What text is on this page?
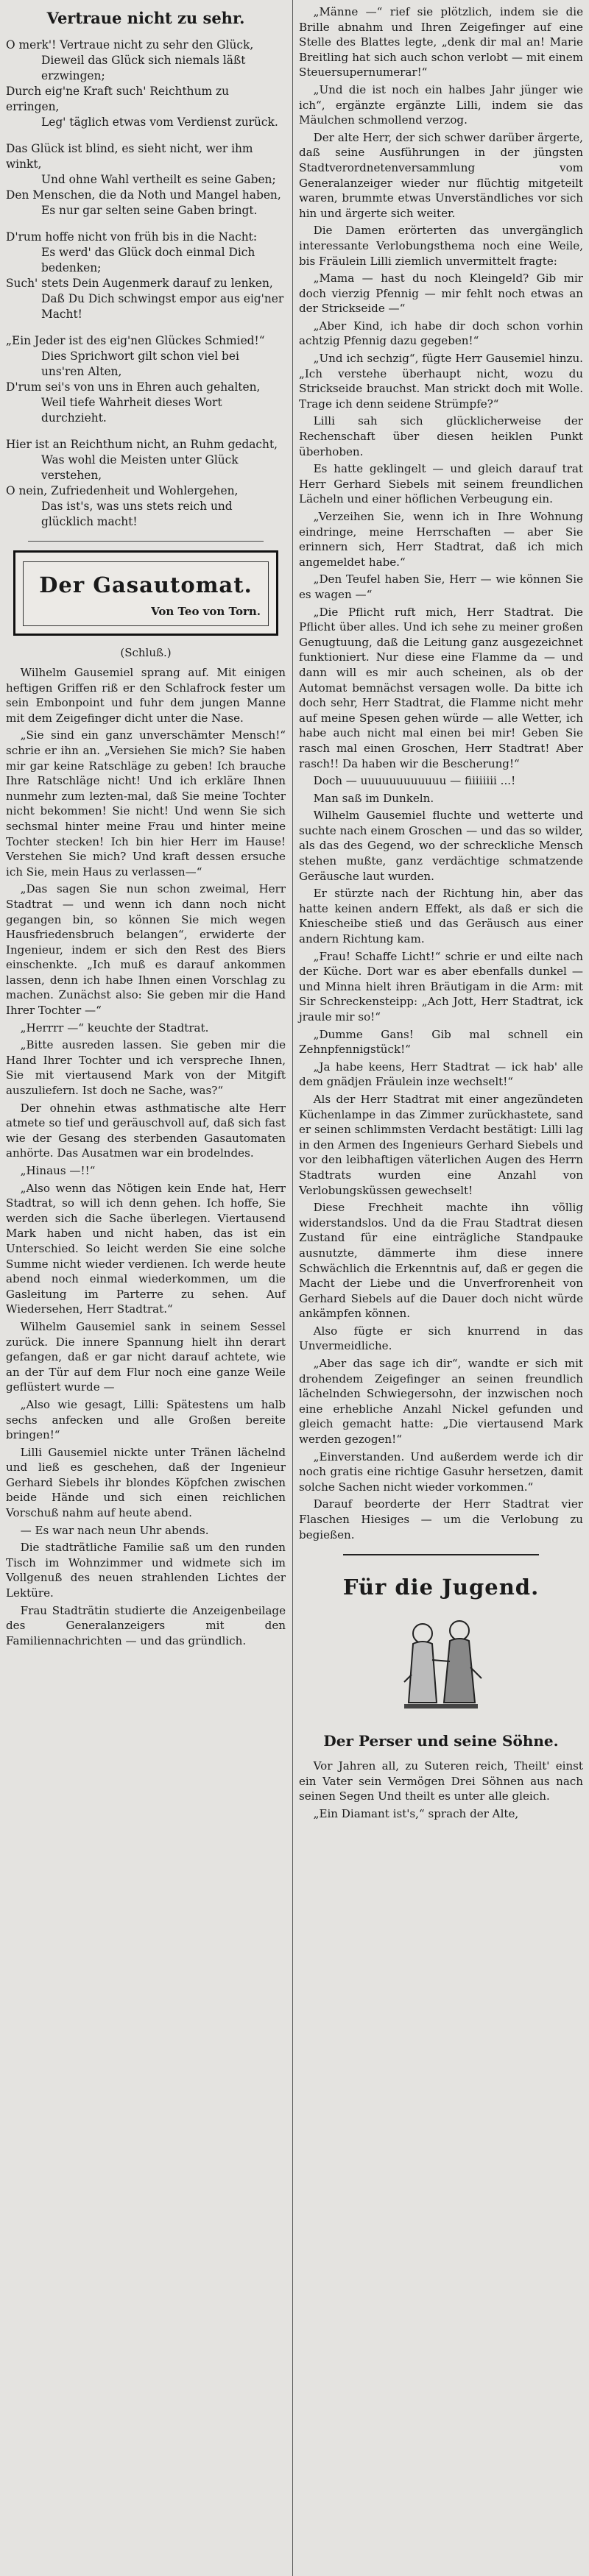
Vertraue nicht zu sehr.
O merk'! Vertraue nicht zu sehr den Glück,
Dieweil das Glück sich niemals läßt erzwingen;
Durch eig'ne Kraft such' Reichthum zu erringen,
Leg' täglich etwas vom Verdienst zurück.
Das Glück ist blind, es sieht nicht, wer ihm winkt,
Und ohne Wahl vertheilt es seine Gaben;
Den Menschen, die da Noth und Mangel haben,
Es nur gar selten seine Gaben bringt.
D'rum hoffe nicht von früh bis in die Nacht:
Es werd' das Glück doch einmal Dich bedenken;
Such' stets Dein Augenmerk darauf zu lenken,
Daß Du Dich schwingst empor aus eig'ner Macht!
„Ein Jeder ist des eig'nen Glückes Schmied!“
Dies Sprichwort gilt schon viel bei uns'ren Alten,
D'rum sei's von uns in Ehren auch gehalten,
Weil tiefe Wahrheit dieses Wort durchzieht.
Hier ist an Reichthum nicht, an Ruhm gedacht,
Was wohl die Meisten unter Glück verstehen,
O nein, Zufriedenheit und Wohlergehen,
Das ist's, was uns stets reich und glücklich macht!
Der Gasautomat.
Von Teo von Torn.
(Schluß.)

Wilhelm Gausemiel sprang auf. Mit einigen heftigen Griffen riß er den Schlafrock fester um sein Embonpoint und fuhr dem jungen Manne mit dem Zeigefinger dicht unter die Nase.

„Sie sind ein ganz unverschämter Mensch!“ schrie er ihn an. „Versiehen Sie mich? Sie haben mir gar keine Ratschläge zu geben! Ich brauche Ihre Ratschläge nicht! Und ich erkläre Ihnen nunmehr zum lezten-mal, daß Sie meine Tochter nicht bekommen! Sie nicht! Und wenn Sie sich sechsmal hinter meine Frau und hinter meine Tochter stecken! Ich bin hier Herr im Hause! Verstehen Sie mich? Und kraft dessen ersuche ich Sie, mein Haus zu verlassen—“

„Das sagen Sie nun schon zweimal, Herr Stadtrat — und wenn ich dann noch nicht gegangen bin, so können Sie mich wegen Hausfriedensbruch belangen“, erwiderte der Ingenieur, indem er sich den Rest des Biers einschenkte. „Ich muß es darauf ankommen lassen, denn ich habe Ihnen einen Vorschlag zu machen. Zunächst also: Sie geben mir die Hand Ihrer Tochter —“

„Herrrr —“ keuchte der Stadtrat.

„Bitte ausreden lassen. Sie geben mir die Hand Ihrer Tochter und ich verspreche Ihnen, Sie mit viertausend Mark von der Mitgift auszuliefern. Ist doch ne Sache, was?“

Der ohnehin etwas asthmatische alte Herr atmete so tief und geräuschvoll auf, daß sich fast wie der Gesang des sterbenden Gasautomaten anhörte. Das Ausatmen war ein brodelndes.

„Hinaus —!!“

„Also wenn das Nötigen kein Ende hat, Herr Stadtrat, so will ich denn gehen. Ich hoffe, Sie werden sich die Sache überlegen. Viertausend Mark haben und nicht haben, das ist ein Unterschied. So leicht werden Sie eine solche Summe nicht wieder verdienen. Ich werde heute abend noch einmal wiederkommen, um die Gasleitung im Parterre zu sehen. Auf Wiedersehen, Herr Stadtrat.“

Wilhelm Gausemiel sank in seinem Sessel zurück. Die innere Spannung hielt ihn derart gefangen, daß er gar nicht darauf achtete, wie an der Tür auf dem Flur noch eine ganze Weile geflüstert wurde —

„Also wie gesagt, Lilli: Spätestens um halb sechs anfecken und alle Großen bereite bringen!“

Lilli Gausemiel nickte unter Tränen lächelnd und ließ es geschehen, daß der Ingenieur Gerhard Siebels ihr blondes Köpfchen zwischen beide Hände und sich einen reichlichen Vorschuß nahm auf heute abend.

— Es war nach neun Uhr abends.

Die stadträtliche Familie saß um den runden Tisch im Wohnzimmer und widmete sich im Vollgenuß des neuen strahlenden Lichtes der Lektüre.

Frau Stadträtin studierte die Anzeigenbeilage des Generalanzeigers mit den Familiennachrichten — und das gründlich.

„Männe —“ rief sie plötzlich, indem sie die Brille abnahm und Ihren Zeigefinger auf eine Stelle des Blattes legte, „denk dir mal an! Marie Breitling hat sich auch schon verlobt — mit einem Steuersupernumerar!“

„Und die ist noch ein halbes Jahr jünger wie ich“, ergänzte ergänzte Lilli, indem sie das Mäulchen schmollend verzog.

Der alte Herr, der sich schwer darüber ärgerte, daß seine Ausführungen in der jüngsten Stadtverordnetenversammlung vom Generalanzeiger wieder nur flüchtig mitgeteilt waren, brummte etwas Unverständliches vor sich hin und ärgerte sich weiter.

Die Damen erörterten das unvergänglich interessante Verlobungsthema noch eine Weile, bis Fräulein Lilli ziemlich unvermittelt fragte:

„Mama — hast du noch Kleingeld? Gib mir doch vierzig Pfennig — mir fehlt noch etwas an der Strickseide —“

„Aber Kind, ich habe dir doch schon vorhin achtzig Pfennig dazu gegeben!“

„Und ich sechzig“, fügte Herr Gausemiel hinzu. „Ich verstehe überhaupt nicht, wozu du Strickseide brauchst. Man strickt doch mit Wolle. Trage ich denn seidene Strümpfe?“

Lilli sah sich glücklicherweise der Rechenschaft über diesen heiklen Punkt überhoben.

Es hatte geklingelt — und gleich darauf trat Herr Gerhard Siebels mit seinem freundlichen Lächeln und einer höflichen Verbeugung ein.

„Verzeihen Sie, wenn ich in Ihre Wohnung eindringe, meine Herrschaften — aber Sie erinnern sich, Herr Stadtrat, daß ich mich angemeldet habe.“

„Den Teufel haben Sie, Herr — wie können Sie es wagen —“

„Die Pflicht ruft mich, Herr Stadtrat. Die Pflicht über alles. Und ich sehe zu meiner großen Genugtuung, daß die Leitung ganz ausgezeichnet funktioniert. Nur diese eine Flamme da — und dann will es mir auch scheinen, als ob der Automat bemnächst versagen wolle. Da bitte ich doch sehr, Herr Stadtrat, die Flamme nicht mehr auf meine Spesen gehen würde — alle Wetter, ich habe auch nicht mal einen bei mir! Geben Sie rasch mal einen Groschen, Herr Stadtrat! Aber rasch!! Da haben wir die Bescherung!“

Doch — uuuuuuuuuuuu — fiiiiiiii ...!

Man saß im Dunkeln.

Wilhelm Gausemiel fluchte und wetterte und suchte nach einem Groschen — und das so wilder, als das des Gegend, wo der schreckliche Mensch stehen mußte, ganz verdächtige schmatzende Geräusche laut wurden.

Er stürzte nach der Richtung hin, aber das hatte keinen andern Effekt, als daß er sich die Kniescheibe stieß und das Geräusch aus einer andern Richtung kam.

„Frau! Schaffe Licht!“ schrie er und eilte nach der Küche. Dort war es aber ebenfalls dunkel — und Minna hielt ihren Bräutigam in die Arm: mit Sir Schreckensteipp: „Ach Jott, Herr Stadtrat, ick jraule mir so!“

„Dumme Gans! Gib mal schnell ein Zehnpfennigstück!“

„Ja habe keens, Herr Stadtrat — ick hab' alle dem gnädjen Fräulein inze wechselt!“

Als der Herr Stadtrat mit einer angezündeten Küchenlampe in das Zimmer zurückhastete, sand er seinen schlimmsten Verdacht bestätigt: Lilli lag in den Armen des Ingenieurs Gerhard Siebels und vor den leibhaftigen väterlichen Augen des Herrn Stadtrats wurden eine Anzahl von Verlobungsküssen gewechselt!

Diese Frechheit machte ihn völlig widerstandslos. Und da die Frau Stadtrat diesen Zustand für eine einträgliche Standpauke ausnutzte, dämmerte ihm diese innere Schwächlich die Erkenntnis auf, daß er gegen die Macht der Liebe und die Unverfrorenheit von Gerhard Siebels auf die Dauer doch nicht würde ankämpfen können.

Also fügte er sich knurrend in das Unvermeidliche.

„Aber das sage ich dir“, wandte er sich mit drohendem Zeigefinger an seinen freundlich lächelnden Schwiegersohn, der inzwischen noch eine erhebliche Anzahl Nickel gefunden und gleich gemacht hatte: „Die viertausend Mark werden gezogen!“

„Einverstanden. Und außerdem werde ich dir noch gratis eine richtige Gasuhr hersetzen, damit solche Sachen nicht wieder vorkommen.“

Darauf beorderte der Herr Stadtrat vier Flaschen Hiesiges — um die Verlobung zu begießen.

Für die Jugend.
Der Perser und seine Söhne.

Vor Jahren all, zu Suteren reich, Theilt' einst ein Vater sein Vermögen Drei Söhnen aus nach seinen Segen Und theilt es unter alle gleich.

„Ein Diamant ist's,“ sprach der Alte,
